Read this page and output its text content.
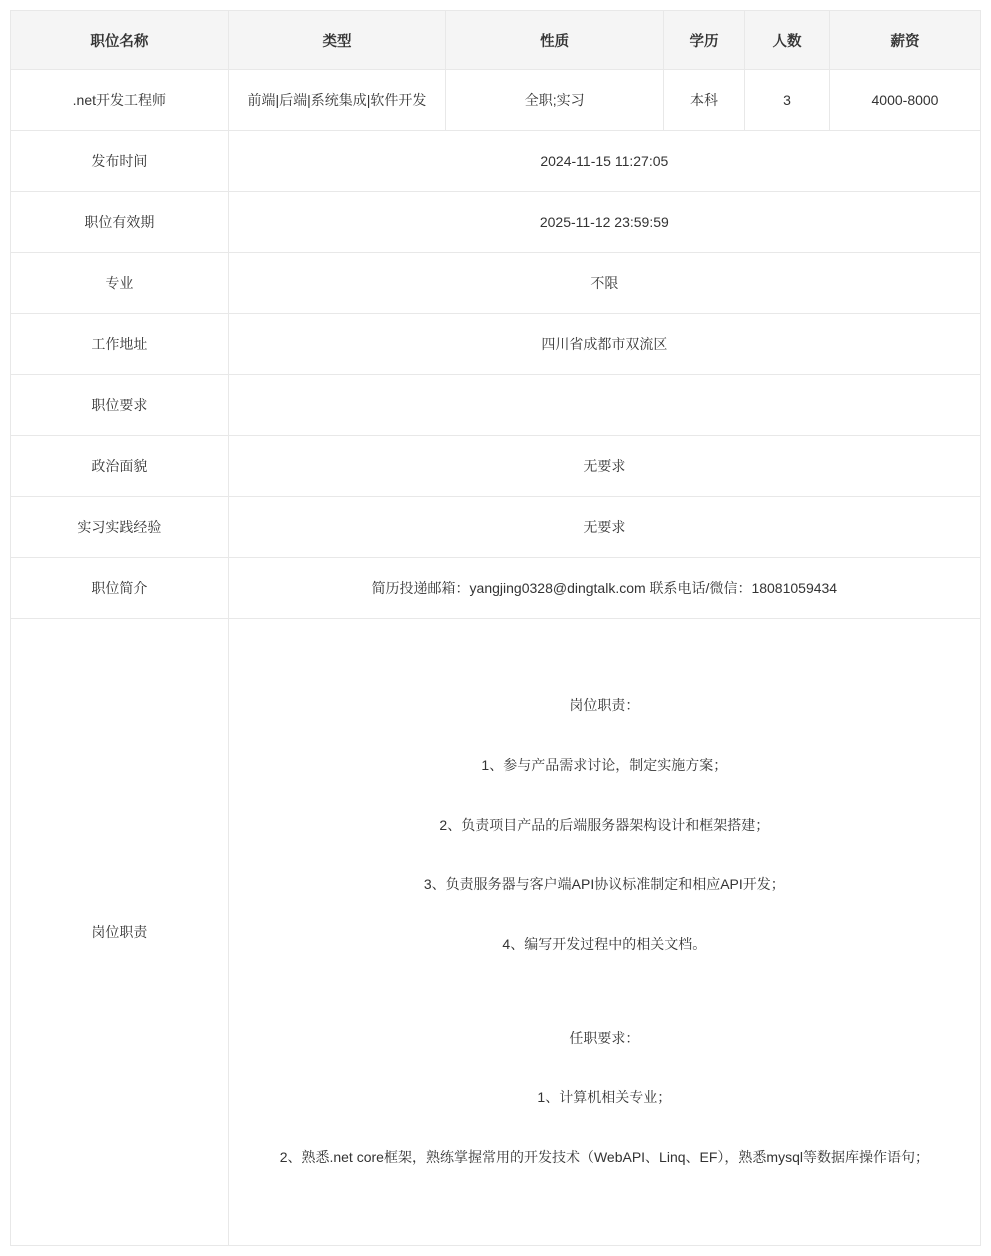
职位名称	类型	性质	学历	人数	薪资
.net开发工程师	前端|后端|系统集成|软件开发	全职;实习	本科	3	4000-8000
发布时间	2024-11-15 11:27:05				
职位有效期	2025-11-12 23:59:59				
专业	不限				
工作地址	四川省成都市双流区				
职位要求					
政治面貌	无要求				
实习实践经验	无要求				
职位简介	简历投递邮箱：yangjing0328@dingtalk.com 联系电话/微信：18081059434				
岗位职责	

岗位职责：

1、参与产品需求讨论，制定实施方案；

2、负责项目产品的后端服务器架构设计和框架搭建；

3、负责服务器与客户端API协议标准制定和相应API开发；

4、编写开发过程中的相关文档。

任职要求：

1、计算机相关专业；

2、熟悉.net core框架，熟练掌握常用的开发技术（WebAPI、Linq、EF），熟悉mysql等数据库操作语句；
